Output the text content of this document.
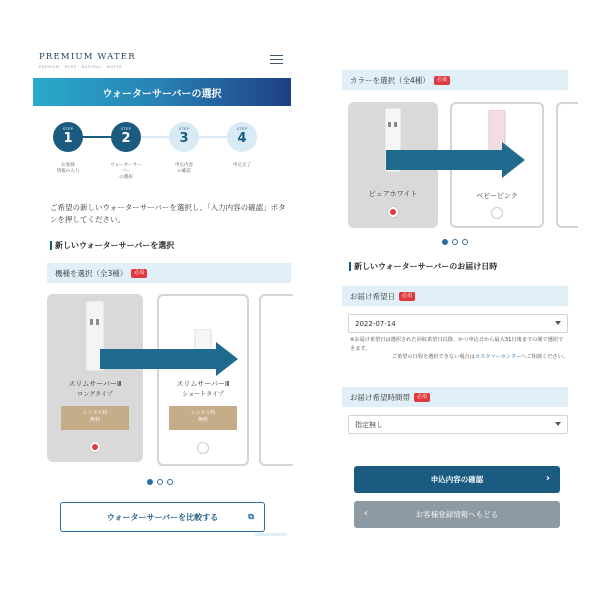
PREMIUM WATER
PREMIUM · PURE · NATURAL · WATER
ウォーターサーバーの選択
STEP
1
STEP
2
STEP
3
STEP
4
お客様
情報の入力
ウォーターサー
バー
の選択
申込内容
の確認
申込完了
ご希望の新しいウォーターサーバーを選択し、「入力内容の確認」ボタンを押してください。
新しいウォーターサーバーを選択
機種を選択（全3種）	必須
スリムサーバーⅢ
ロングタイプ
レンタル料
無料
スリムサーバーⅢ
ショートタイプ
レンタル料
無料
ウォーターサーバーを比較する	⧉
カラーを選択（全4種）	必須
ピュアホワイト	ベビーピンク
新しいウォーターサーバーのお届け日時
お届け希望日	必須
2022-07-14
※お届け希望日は選択された回収希望日以降、かつ申込日から最大31日後までの間で選択できます。
ご希望の日程を選択できない場合はカスタマーセンターへご相談ください。
お届け希望時間帯	必須
指定無し
申込内容の確認	›
‹	お客様登録情報へもどる
